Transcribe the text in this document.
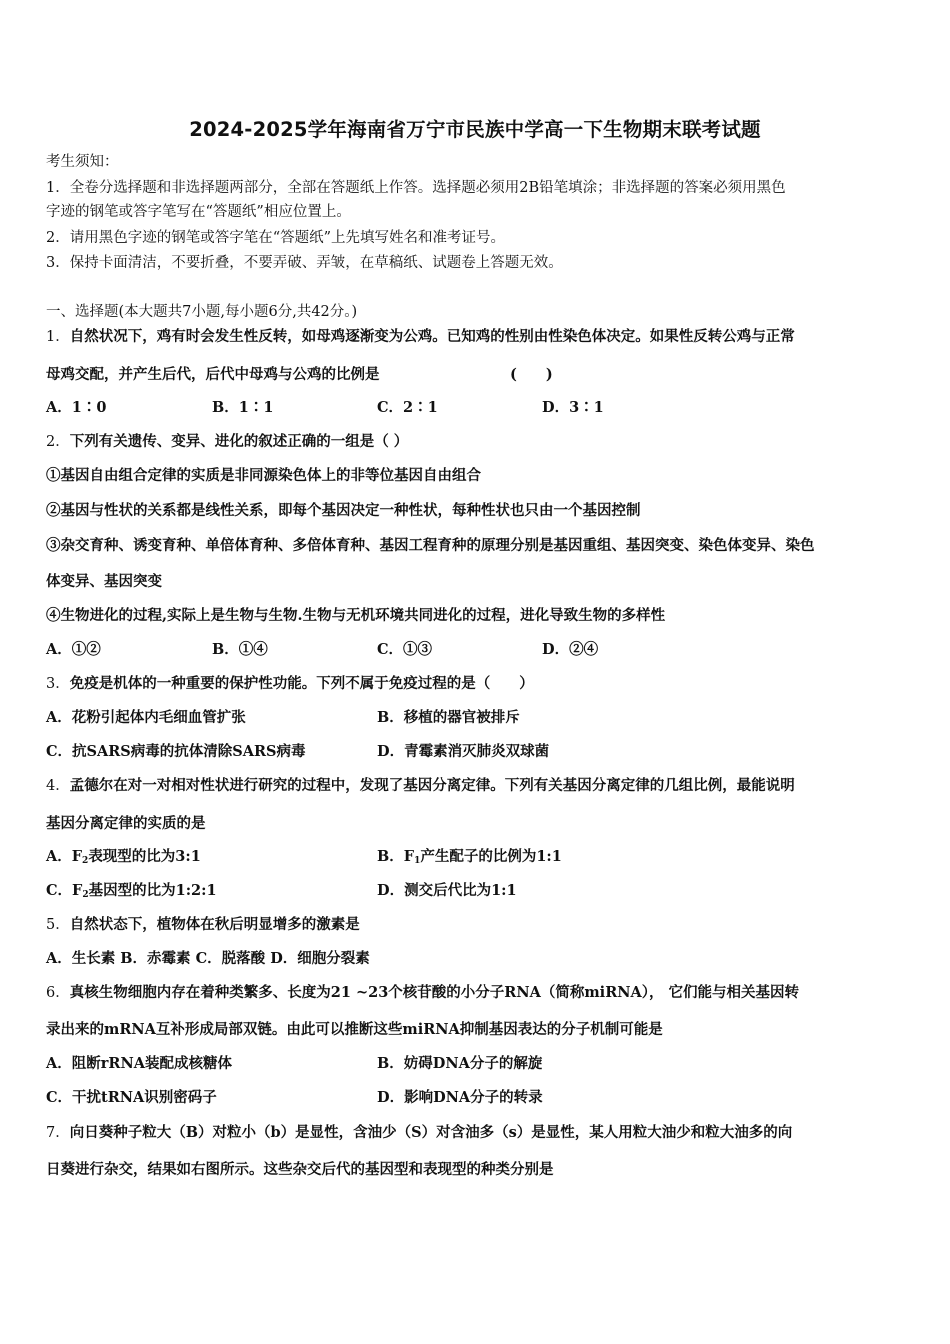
2024-2025学年海南省万宁市民族中学高一下生物期末联考试题
考生须知：
1．全卷分选择题和非选择题两部分，全部在答题纸上作答。选择题必须用2B铅笔填涂；非选择题的答案必须用黑色
字迹的钢笔或答字笔写在“答题纸”相应位置上。
2．请用黑色字迹的钢笔或答字笔在“答题纸”上先填写姓名和准考证号。
3．保持卡面清洁，不要折叠，不要弄破、弄皱，在草稿纸、试题卷上答题无效。
一、选择题(本大题共7小题,每小题6分,共42分。)
1．自然状况下，鸡有时会发生性反转，如母鸡逐渐变为公鸡。已知鸡的性别由性染色体决定。如果性反转公鸡与正常
母鸡交配，并产生后代，后代中母鸡与公鸡的比例是	(　　)
A．1∶0	B．1∶1	C．2∶1	D．3∶1
2．下列有关遗传、变异、进化的叙述正确的一组是（ ）
①基因自由组合定律的实质是非同源染色体上的非等位基因自由组合
②基因与性状的关系都是线性关系，即每个基因决定一种性状，每种性状也只由一个基因控制
③杂交育种、诱变育种、单倍体育种、多倍体育种、基因工程育种的原理分别是基因重组、基因突变、染色体变异、染色
体变异、基因突变
④生物进化的过程,实际上是生物与生物.生物与无机环境共同进化的过程，进化导致生物的多样性
A．①②	B．①④	C．①③	D．②④
3．免疫是机体的一种重要的保护性功能。下列不属于免疫过程的是（　　）
A．花粉引起体内毛细血管扩张	B．移植的器官被排斥
C．抗SARS病毒的抗体清除SARS病毒	D．青霉素消灭肺炎双球菌
4．孟德尔在对一对相对性状进行研究的过程中，发现了基因分离定律。下列有关基因分离定律的几组比例，最能说明
基因分离定律的实质的是
A．$F_2$表现型的比为3:1	B．$F_1$产生配子的比例为1:1
C．$F_2$基因型的比为1:2:1	D．测交后代比为1:1
5．自然状态下，植物体在秋后明显增多的激素是
A．生长素 B．赤霉素 C．脱落酸 D．细胞分裂素
6．真核生物细胞内存在着种类繁多、长度为21 ~23个核苷酸的小分子RNA（简称miRNA）， 它们能与相关基因转
录出来的mRNA互补形成局部双链。由此可以推断这些miRNA抑制基因表达的分子机制可能是
A．阻断rRNA装配成核糖体	B．妨碍DNA分子的解旋
C．干扰tRNA识别密码子	D．影响DNA分子的转录
7．向日葵种子粒大（B）对粒小（b）是显性，含油少（S）对含油多（s）是显性，某人用粒大油少和粒大油多的向
日葵进行杂交，结果如右图所示。这些杂交后代的基因型和表现型的种类分别是
